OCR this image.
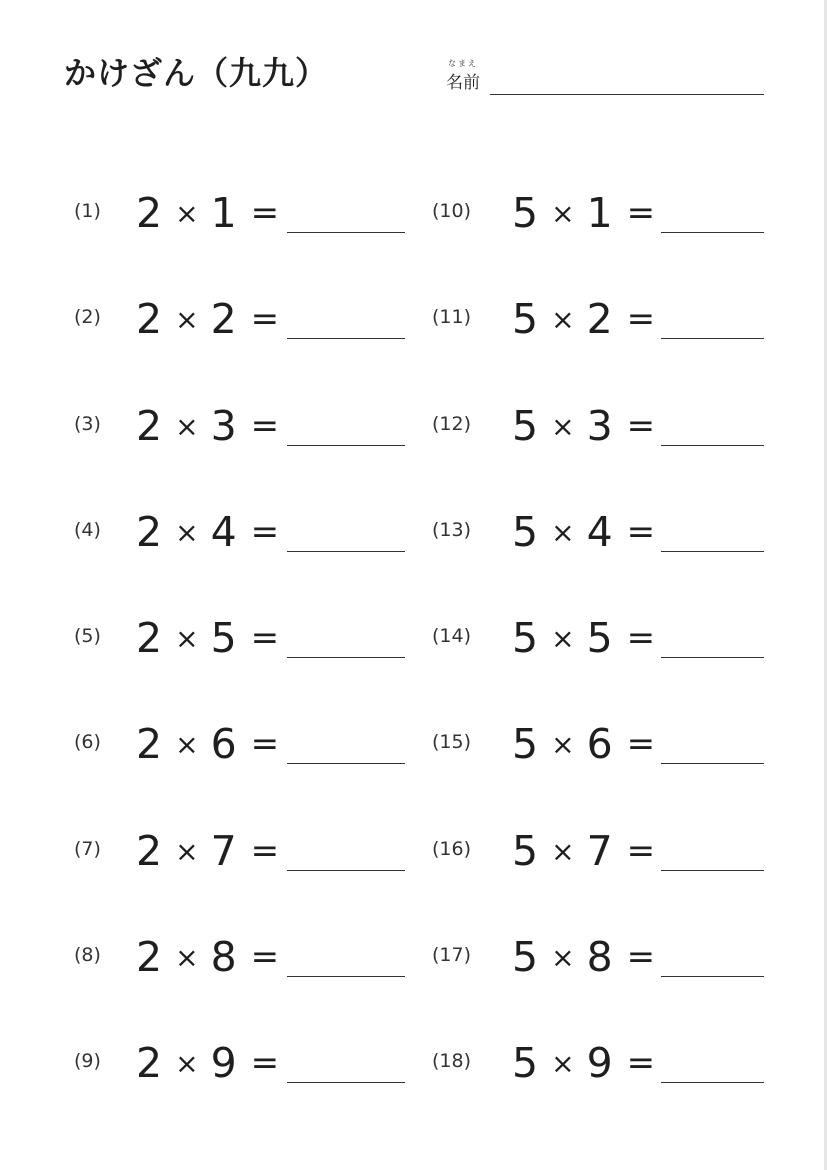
かけざん（九九）	なまえ
名前
(1) 2 × 1 =
(2) 2 × 2 =
(3) 2 × 3 =
(4) 2 × 4 =
(5) 2 × 5 =
(6) 2 × 6 =
(7) 2 × 7 =
(8) 2 × 8 =
(9) 2 × 9 =
(10) 5 × 1 =
(11) 5 × 2 =
(12) 5 × 3 =
(13) 5 × 4 =
(14) 5 × 5 =
(15) 5 × 6 =
(16) 5 × 7 =
(17) 5 × 8 =
(18) 5 × 9 =
